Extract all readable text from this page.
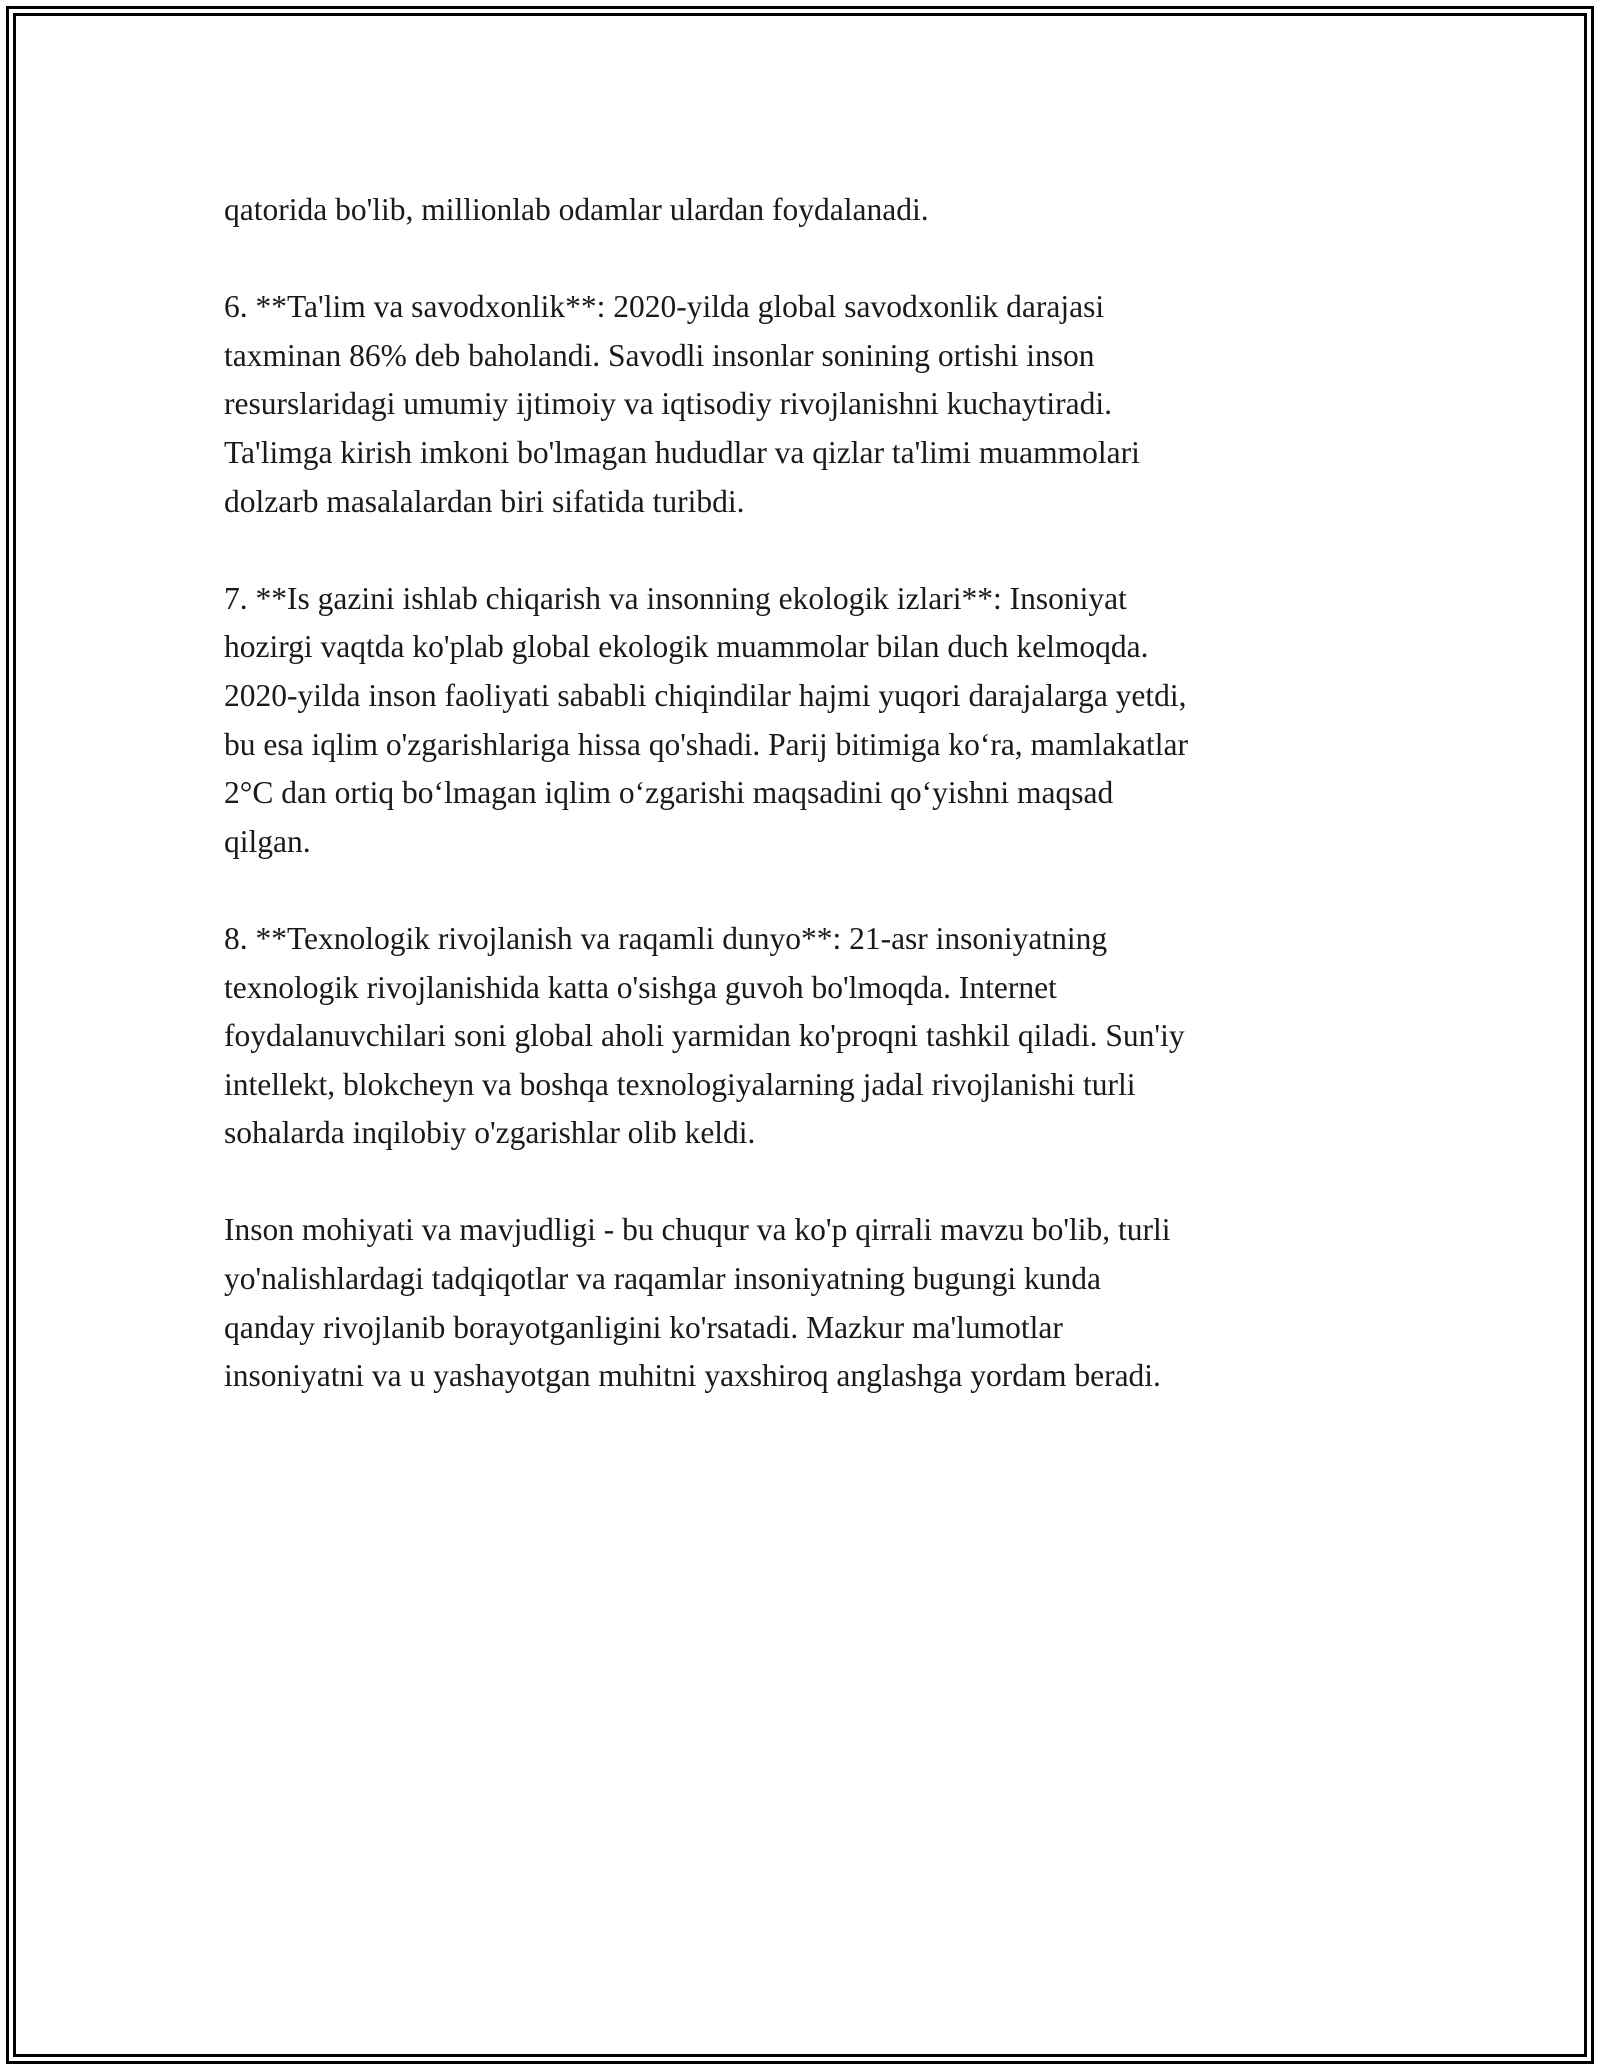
qatorida bo'lib, millionlab odamlar ulardan foydalanadi.

6. **Ta'lim va savodxonlik**: 2020-yilda global savodxonlik darajasi
taxminan 86% deb baholandi. Savodli insonlar sonining ortishi inson
resurslaridagi umumiy ijtimoiy va iqtisodiy rivojlanishni kuchaytiradi.
Ta'limga kirish imkoni bo'lmagan hududlar va qizlar ta'limi muammolari
dolzarb masalalardan biri sifatida turibdi.

7. **Is gazini ishlab chiqarish va insonning ekologik izlari**: Insoniyat
hozirgi vaqtda ko'plab global ekologik muammolar bilan duch kelmoqda.
2020-yilda inson faoliyati sababli chiqindilar hajmi yuqori darajalarga yetdi,
bu esa iqlim o'zgarishlariga hissa qo'shadi. Parij bitimiga ko‘ra, mamlakatlar
2°C dan ortiq bo‘lmagan iqlim o‘zgarishi maqsadini qo‘yishni maqsad
qilgan.

8. **Texnologik rivojlanish va raqamli dunyo**: 21-asr insoniyatning
texnologik rivojlanishida katta o'sishga guvoh bo'lmoqda. Internet
foydalanuvchilari soni global aholi yarmidan ko'proqni tashkil qiladi. Sun'iy
intellekt, blokcheyn va boshqa texnologiyalarning jadal rivojlanishi turli
sohalarda inqilobiy o'zgarishlar olib keldi.

Inson mohiyati va mavjudligi - bu chuqur va ko'p qirrali mavzu bo'lib, turli
yo'nalishlardagi tadqiqotlar va raqamlar insoniyatning bugungi kunda
qanday rivojlanib borayotganligini ko'rsatadi. Mazkur ma'lumotlar
insoniyatni va u yashayotgan muhitni yaxshiroq anglashga yordam beradi.
